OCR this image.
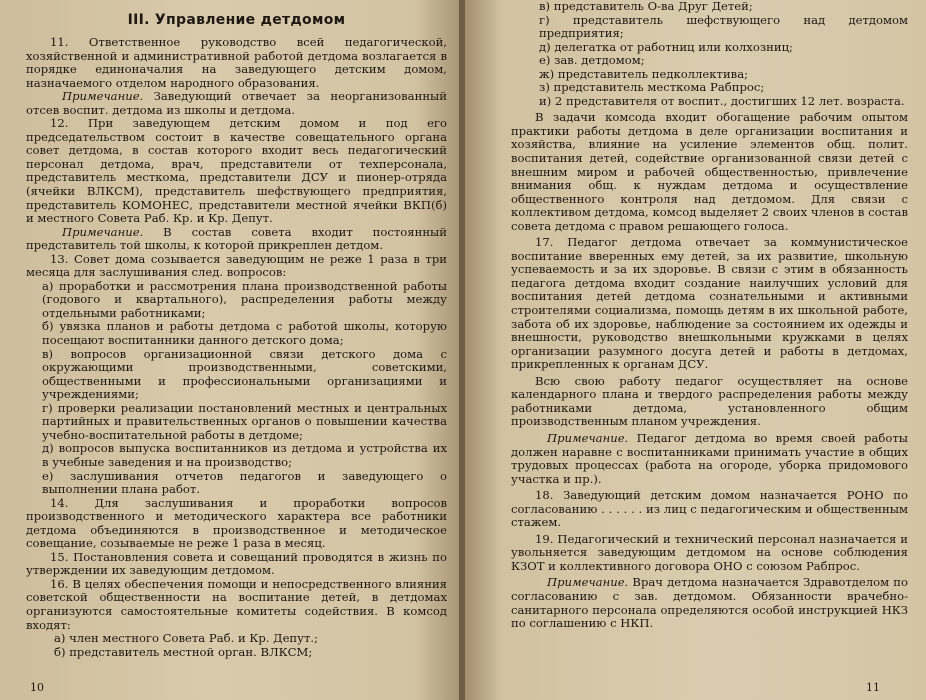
III. Управление детдомом

11. Ответственное руководство всей педагогической, хозяйственной и административной работой детдома возлагается в порядке единоначалия на заведующего детским домом, назначаемого отделом народного образования.

Примечание. Заведующий отвечает за неорганизованный отсев воспит. детдома из школы и детдома.

12. При заведующем детским домом и под его председательством состоит в качестве совещательного органа совет детдома, в состав которого входит весь педагогический персонал детдома, врач, представители от техперсонала, представитель месткома, представители ДСУ и пионер-отряда (ячейки ВЛКСМ), представитель шефствующего предприятия, представитель КОМОНЕС, представители местной ячейки ВКП(б) и местного Совета Раб. Кр. и Кр. Депут.

Примечание. В состав совета входит постоянный представитель той школы, к которой прикреплен детдом.

13. Совет дома созывается заведующим не реже 1 раза в три месяца для заслушивания след. вопросов:

а) проработки и рассмотрения плана производственной работы (годового и квартального), распределения работы между отдельными работниками;

б) увязка планов и работы детдома с работой школы, которую посещают воспитанники данного детского дома;

в) вопросов организационной связи детского дома с окружающими производственными, советскими, общественными и профессиональными организациями и учреждениями;

г) проверки реализации постановлений местных и центральных партийных и правительственных органов о повышении качества учебно-воспитательной работы в детдоме;

д) вопросов выпуска воспитанников из детдома и устройства их в учебные заведения и на производство;

е) заслушивания отчетов педагогов и заведующего о выполнении плана работ.

14. Для заслушивания и проработки вопросов производственного и методического характера все работники детдома объединяются в производственное и методическое совещание, созываемые не реже 1 раза в месяц.

15. Постановления совета и совещаний проводятся в жизнь по утверждении их заведующим детдомом.

16. В целях обеспечения помощи и непосредственного влияния советской общественности на воспитание детей, в детдомах организуются самостоятельные комитеты содействия. В комсод входят:

а) член местного Совета Раб. и Кр. Депут.;

б) представитель местной орган. ВЛКСМ;

10

в) представитель О-ва Друг Детей;

г) представитель шефствующего над детдомом предприятия;

д) делегатка от работниц или колхозниц;

е) зав. детдомом;

ж) представитель педколлектива;

з) представитель месткома Рабпрос;

и) 2 представителя от воспит., достигших 12 лет. возраста.

В задачи комсода входит обогащение рабочим опытом практики работы детдома в деле организации воспитания и хозяйства, влияние на усиление элементов общ. полит. воспитания детей, содействие организованной связи детей с внешним миром и рабочей общественностью, привлечение внимания общ. к нуждам детдома и осуществление общественного контроля над детдомом. Для связи с коллективом детдома, комсод выделяет 2 своих членов в состав совета детдома с правом решающего голоса.

17. Педагог детдома отвечает за коммунистическое воспитание вверенных ему детей, за их развитие, школьную успеваемость и за их здоровье. В связи с этим в обязанность педагога детдома входит создание наилучших условий для воспитания детей детдома сознательными и активными строителями социализма, помощь детям в их школьной работе, забота об их здоровье, наблюдение за состоянием их одежды и внешности, руководство внешкольными кружками в целях организации разумного досуга детей и работы в детдомах, прикрепленных к органам ДСУ.

Всю свою работу педагог осуществляет на основе календарного плана и твердого распределения работы между работниками детдома, установленного общим производственным планом учреждения.

Примечание. Педагог детдома во время своей работы должен наравне с воспитанниками принимать участие в общих трудовых процессах (работа на огороде, уборка придомового участка и пр.).

18. Заведующий детским домом назначается РОНО по согласованию . . . . . . из лиц с педагогическим и общественным стажем.

19. Педагогический и технический персонал назначается и увольняется заведующим детдомом на основе соблюдения КЗОТ и коллективного договора ОНО с союзом Рабпрос.

Примечание. Врач детдома назначается Здравотделом по согласованию с зав. детдомом. Обязанности врачебно-санитарного персонала определяются особой инструкцией НКЗ по соглашению с НКП.

11
